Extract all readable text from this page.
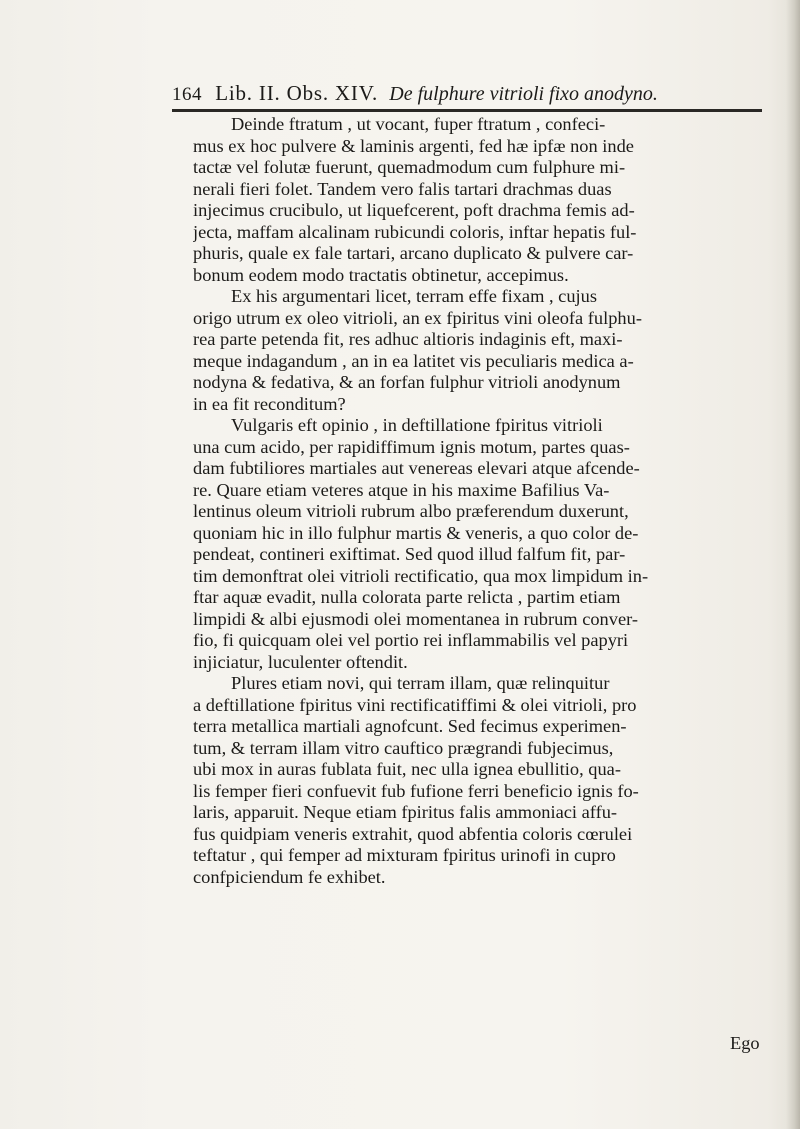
164 Lib. II. Obs. XIV. De fulphure vitrioli fixo anodyno.
Deinde ftratum , ut vocant, fuper ftratum , confeci-
mus ex hoc pulvere & laminis argenti, fed hæ ipfæ non inde
tactæ vel folutæ fuerunt, quemadmodum cum fulphure mi-
nerali fieri folet. Tandem vero falis tartari drachmas duas
injecimus crucibulo, ut liquefcerent, poft drachma femis ad-
jecta, maffam alcalinam rubicundi coloris, inftar hepatis ful-
phuris, quale ex fale tartari, arcano duplicato & pulvere car-
bonum eodem modo tractatis obtinetur, accepimus.
Ex his argumentari licet, terram effe fixam , cujus
origo utrum ex oleo vitrioli, an ex fpiritus vini oleofa fulphu-
rea parte petenda fit, res adhuc altioris indaginis eft, maxi-
meque indagandum , an in ea latitet vis peculiaris medica a-
nodyna & fedativa, & an forfan fulphur vitrioli anodynum
in ea fit reconditum?
Vulgaris eft opinio , in deftillatione fpiritus vitrioli
una cum acido, per rapidiffimum ignis motum, partes quas-
dam fubtiliores martiales aut venereas elevari atque afcende-
re. Quare etiam veteres atque in his maxime Bafilius Va-
lentinus oleum vitrioli rubrum albo præferendum duxerunt,
quoniam hic in illo fulphur martis & veneris, a quo color de-
pendeat, contineri exiftimat. Sed quod illud falfum fit, par-
tim demonftrat olei vitrioli rectificatio, qua mox limpidum in-
ftar aquæ evadit, nulla colorata parte relicta , partim etiam
limpidi & albi ejusmodi olei momentanea in rubrum conver-
fio, fi quicquam olei vel portio rei inflammabilis vel papyri
injiciatur, luculenter oftendit.
Plures etiam novi, qui terram illam, quæ relinquitur
a deftillatione fpiritus vini rectificatiffimi & olei vitrioli, pro
terra metallica martiali agnofcunt. Sed fecimus experimen-
tum, & terram illam vitro cauftico prægrandi fubjecimus,
ubi mox in auras fublata fuit, nec ulla ignea ebullitio, qua-
lis femper fieri confuevit fub fufione ferri beneficio ignis fo-
laris, apparuit. Neque etiam fpiritus falis ammoniaci affu-
fus quidpiam veneris extrahit, quod abfentia coloris cœrulei
teftatur , qui femper ad mixturam fpiritus urinofi in cupro
confpiciendum fe exhibet.
Ego
